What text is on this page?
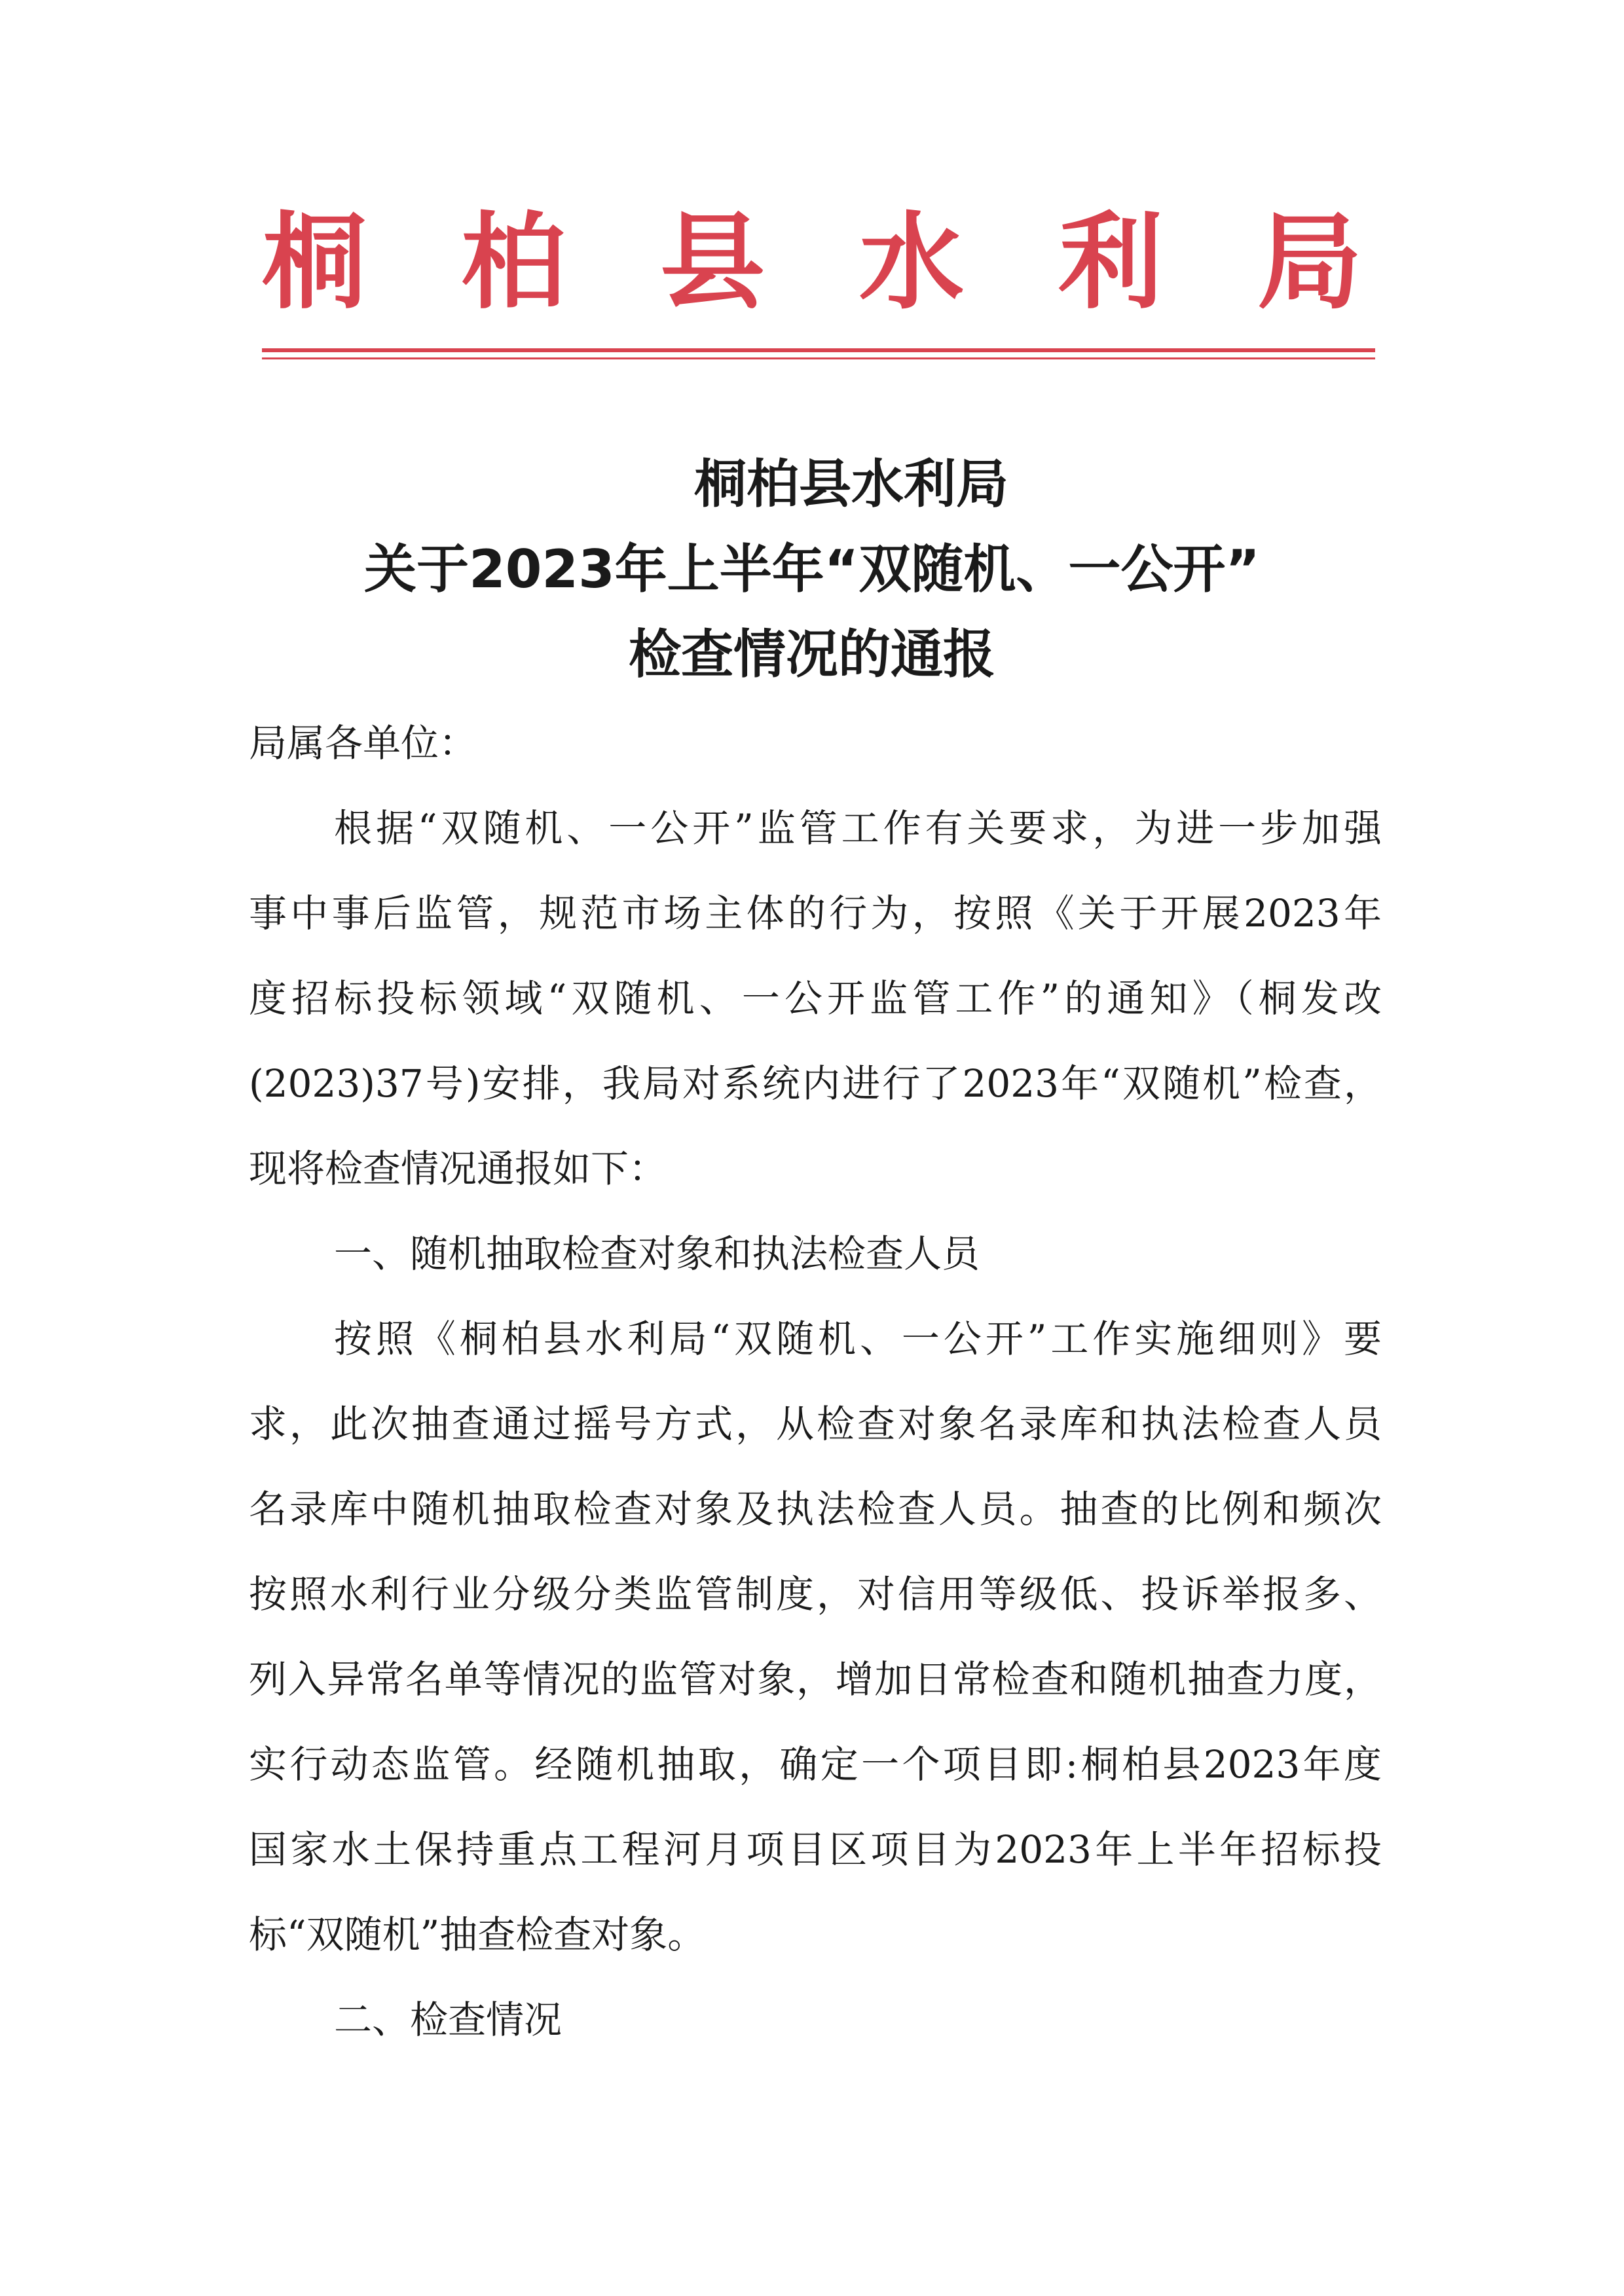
桐 柏 县 水 利 局
桐柏县水利局
关于2023年上半年“双随机、一公开”
检查情况的通报
局属各单位：
根据“双随机、一公开”监管工作有关要求，为进一步加强
事中事后监管，规范市场主体的行为，按照《关于开展2023年
度招标投标领域“双随机、一公开监管工作”的通知》（桐发改
(2023)37号)安排，我局对系统内进行了2023年“双随机”检查，
现将检查情况通报如下：
一、随机抽取检查对象和执法检查人员
按照《桐柏县水利局“双随机、一公开”工作实施细则》要
求，此次抽查通过摇号方式，从检查对象名录库和执法检查人员
名录库中随机抽取检查对象及执法检查人员。抽查的比例和频次
按照水利行业分级分类监管制度，对信用等级低、投诉举报多、
列入异常名单等情况的监管对象，增加日常检查和随机抽查力度，
实行动态监管。经随机抽取，确定一个项目即:桐柏县2023年度
国家水土保持重点工程河月项目区项目为2023年上半年招标投
标“双随机”抽查检查对象。
二、检查情况
